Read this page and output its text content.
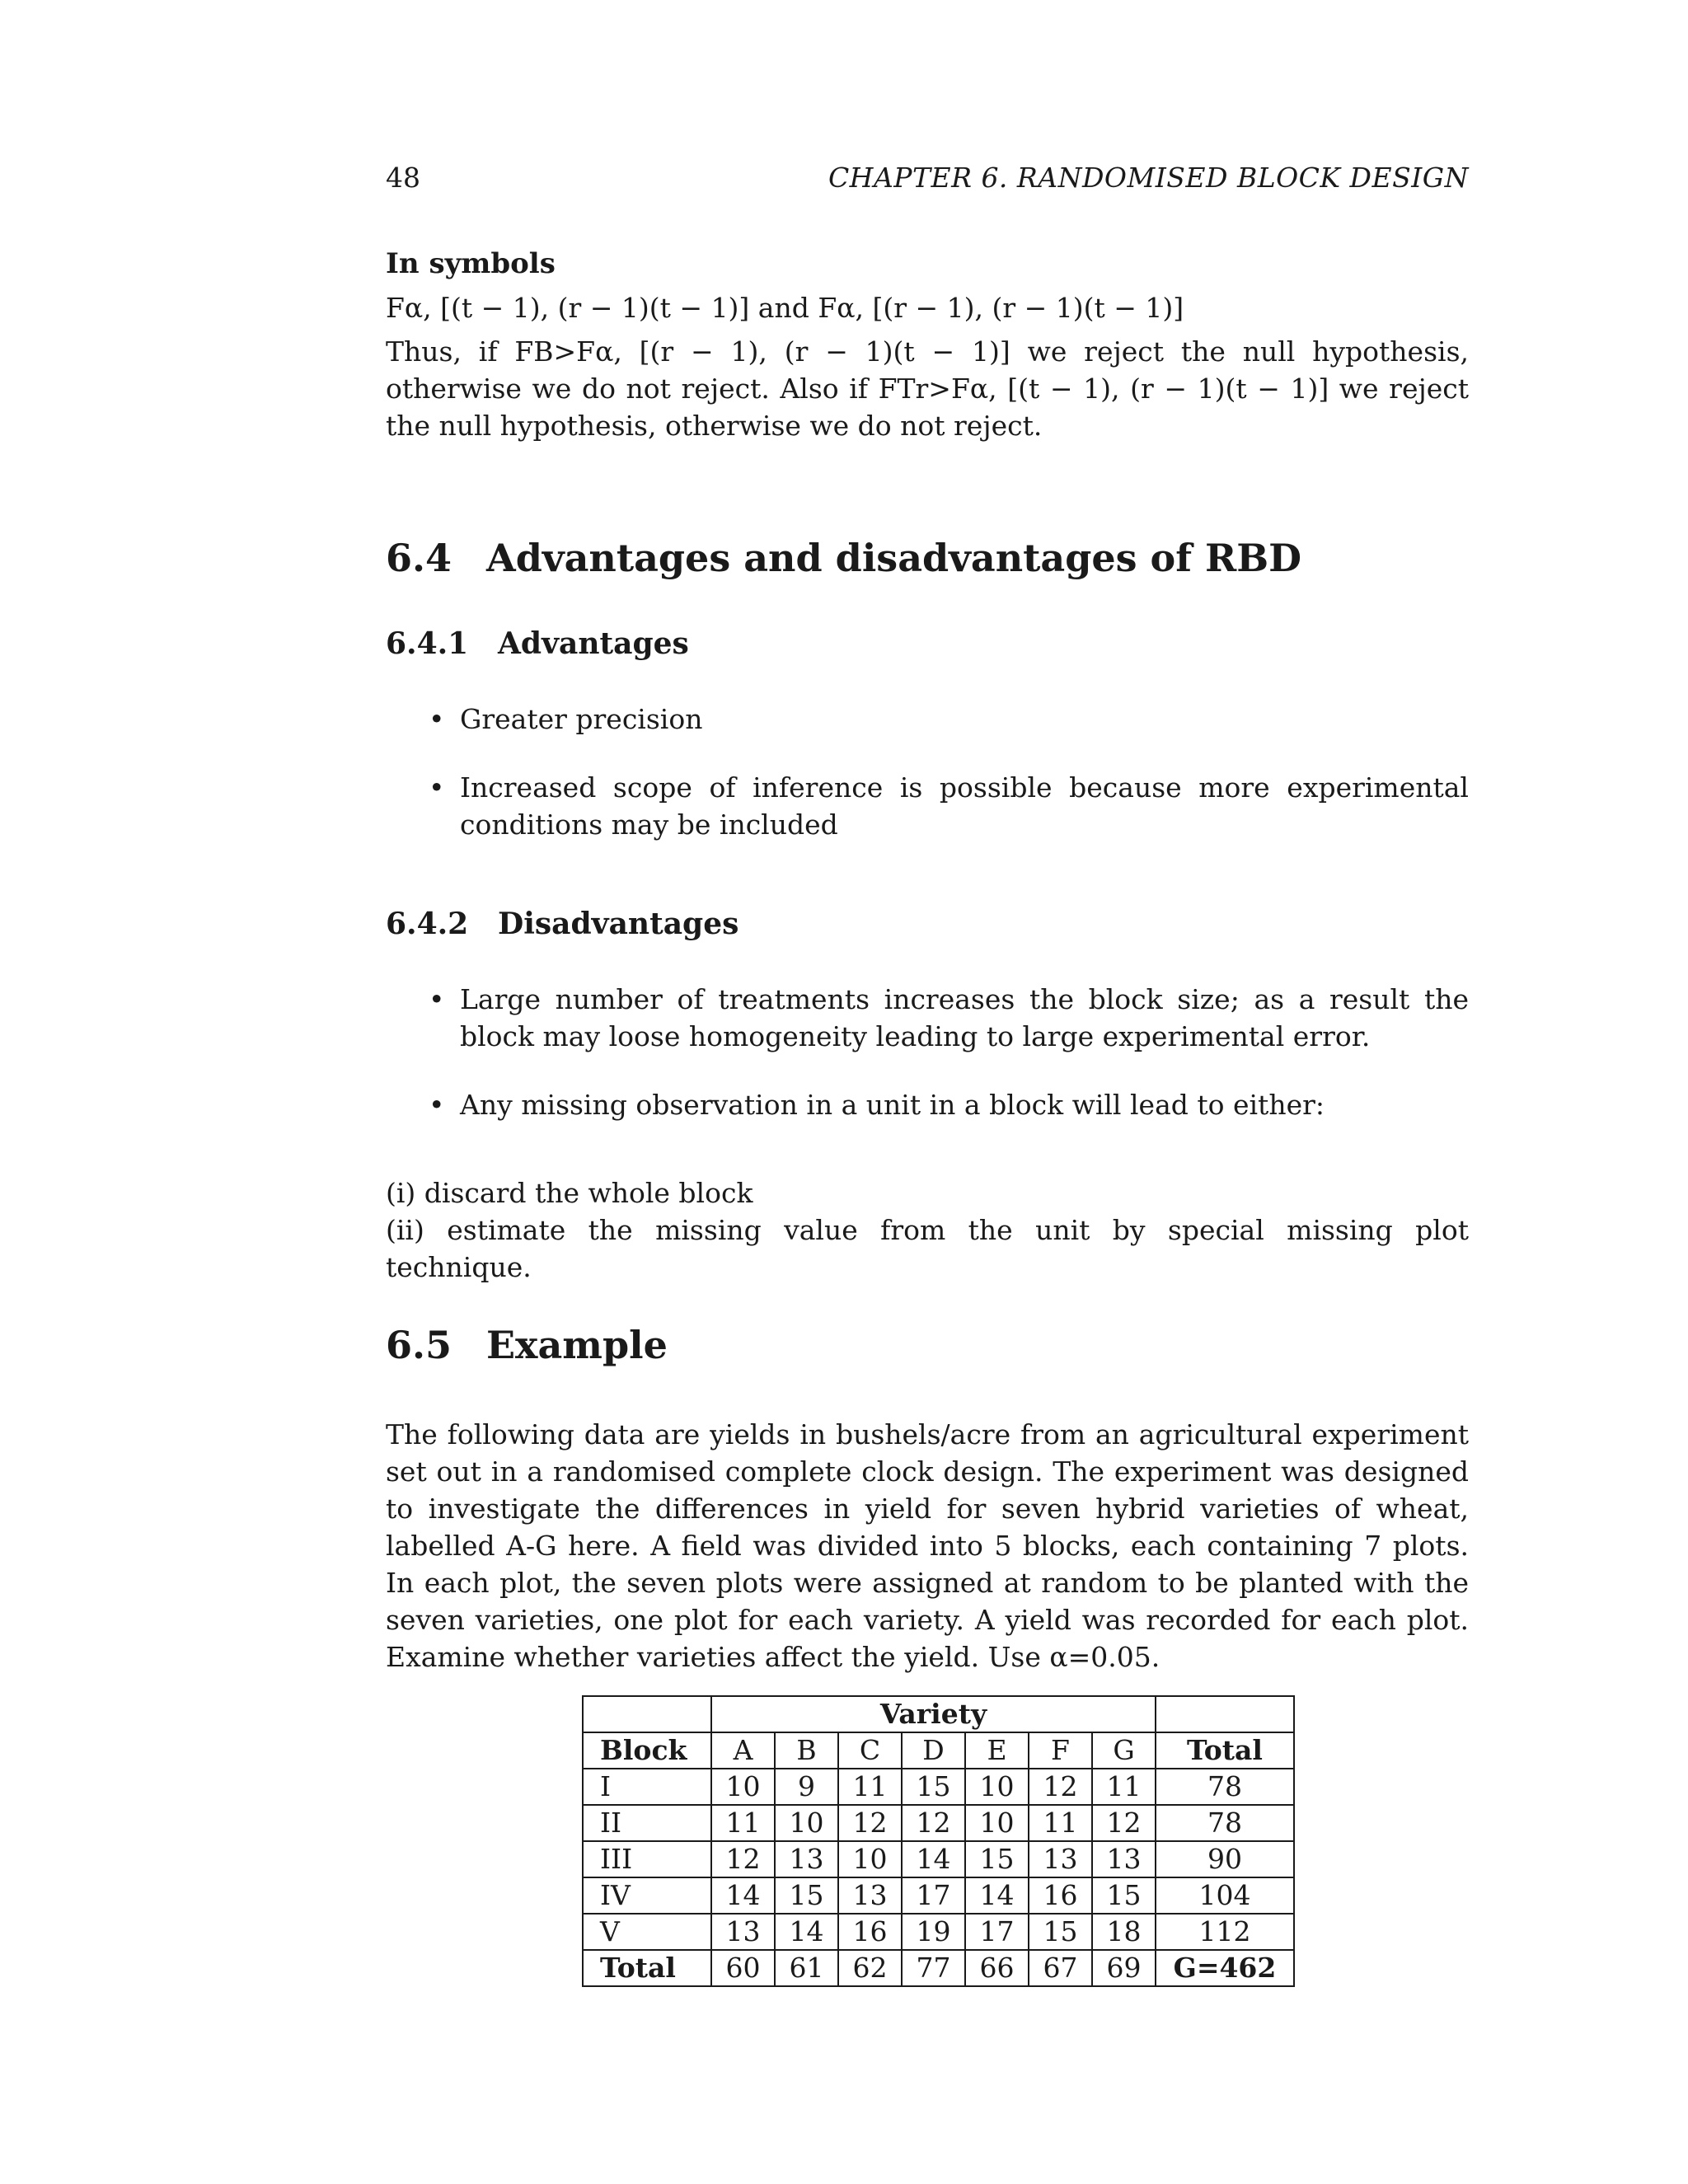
48	CHAPTER 6. RANDOMISED BLOCK DESIGN
In symbols
Fα, [(t − 1), (r − 1)(t − 1)] and Fα, [(r − 1), (r − 1)(t − 1)]
Thus, if FB>Fα, [(r − 1), (r − 1)(t − 1)] we reject the null hypothesis, otherwise we do not reject. Also if FTr>Fα, [(t − 1), (r − 1)(t − 1)] we reject the null hypothesis, otherwise we do not reject.
6.4 Advantages and disadvantages of RBD
6.4.1 Advantages
• Greater precision
• Increased scope of inference is possible because more experimental conditions may be included
6.4.2 Disadvantages
• Large number of treatments increases the block size; as a result the block may loose homogeneity leading to large experimental error.
• Any missing observation in a unit in a block will lead to either:
(i) discard the whole block
(ii) estimate the missing value from the unit by special missing plot technique.
6.5 Example
The following data are yields in bushels/acre from an agricultural experiment set out in a randomised complete clock design. The experiment was designed to investigate the differences in yield for seven hybrid varieties of wheat, labelled A-G here. A field was divided into 5 blocks, each containing 7 plots. In each plot, the seven plots were assigned at random to be planted with the seven varieties, one plot for each variety. A yield was recorded for each plot. Examine whether varieties affect the yield. Use α=0.05.
	Variety							
Block	A	B	C	D	E	F	G	Total
I	10	9	11	15	10	12	11	78
II	11	10	12	12	10	11	12	78
III	12	13	10	14	15	13	13	90
IV	14	15	13	17	14	16	15	104
V	13	14	16	19	17	15	18	112
Total	60	61	62	77	66	67	69	G=462
